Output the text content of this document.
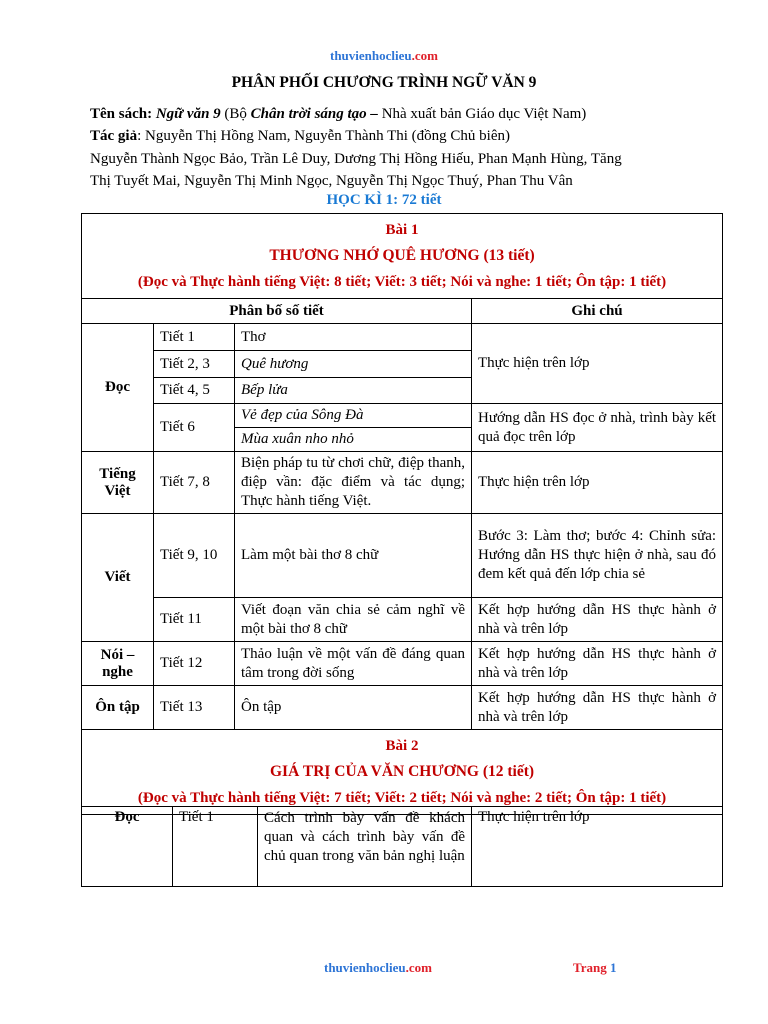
thuvienhoclieu.com
PHÂN PHỐI CHƯƠNG TRÌNH NGỮ VĂN 9
Tên sách: Ngữ văn 9 (Bộ Chân trời sáng tạo – Nhà xuất bản Giáo dục Việt Nam)
Tác giả: Nguyễn Thị Hồng Nam, Nguyễn Thành Thi (đồng Chủ biên)
Nguyễn Thành Ngọc Bảo, Trần Lê Duy, Dương Thị Hồng Hiếu, Phan Mạnh Hùng, Tăng
Thị Tuyết Mai, Nguyễn Thị Minh Ngọc, Nguyễn Thị Ngọc Thuý, Phan Thu Vân
HỌC KÌ 1: 72 tiết
Bài 1
THƯƠNG NHỚ QUÊ HƯƠNG (13 tiết)
(Đọc và Thực hành tiếng Việt: 8 tiết; Viết: 3 tiết; Nói và nghe: 1 tiết; Ôn tập: 1 tiết)			

Phân bố số tiết			Ghi chú
Đọc	Tiết 1	Thơ	Thực hiện trên lớp
	Tiết 2, 3	Quê hương	
	Tiết 4, 5	Bếp lửa	
	Tiết 6	Vẻ đẹp của Sông Đà	Hướng dẫn HS đọc ở nhà, trình bày kết quả đọc trên lớp
		Mùa xuân nho nhỏ	
Tiếng Việt	Tiết 7, 8	Biện pháp tu từ chơi chữ, điệp thanh, điệp vần: đặc điểm và tác dụng; Thực hành tiếng Việt.	Thực hiện trên lớp
Viết	Tiết 9, 10	Làm một bài thơ 8 chữ	Bước 3: Làm thơ; bước 4: Chỉnh sửa: Hướng dẫn HS thực hiện ở nhà, sau đó đem kết quả đến lớp chia sẻ
	Tiết 11	Viết đoạn văn chia sẻ cảm nghĩ về một bài thơ 8 chữ	Kết hợp hướng dẫn HS thực hành ở nhà và trên lớp
Nói – nghe	Tiết 12	Thảo luận về một vấn đề đáng quan tâm trong đời sống	Kết hợp hướng dẫn HS thực hành ở nhà và trên lớp
Ôn tập	Tiết 13	Ôn tập	Kết hợp hướng dẫn HS thực hành ở nhà và trên lớp

Bài 2
GIÁ TRỊ CỦA VĂN CHƯƠNG (12 tiết)
(Đọc và Thực hành tiếng Việt: 7 tiết; Viết: 2 tiết; Nói và nghe: 2 tiết; Ôn tập: 1 tiết)			
Đọc	Tiết 1	Cách trình bày vấn đề khách quan và cách trình bày vấn đề chủ quan trong văn bản nghị luận	Thực hiện trên lớp
thuvienhoclieu.com	Trang 1
